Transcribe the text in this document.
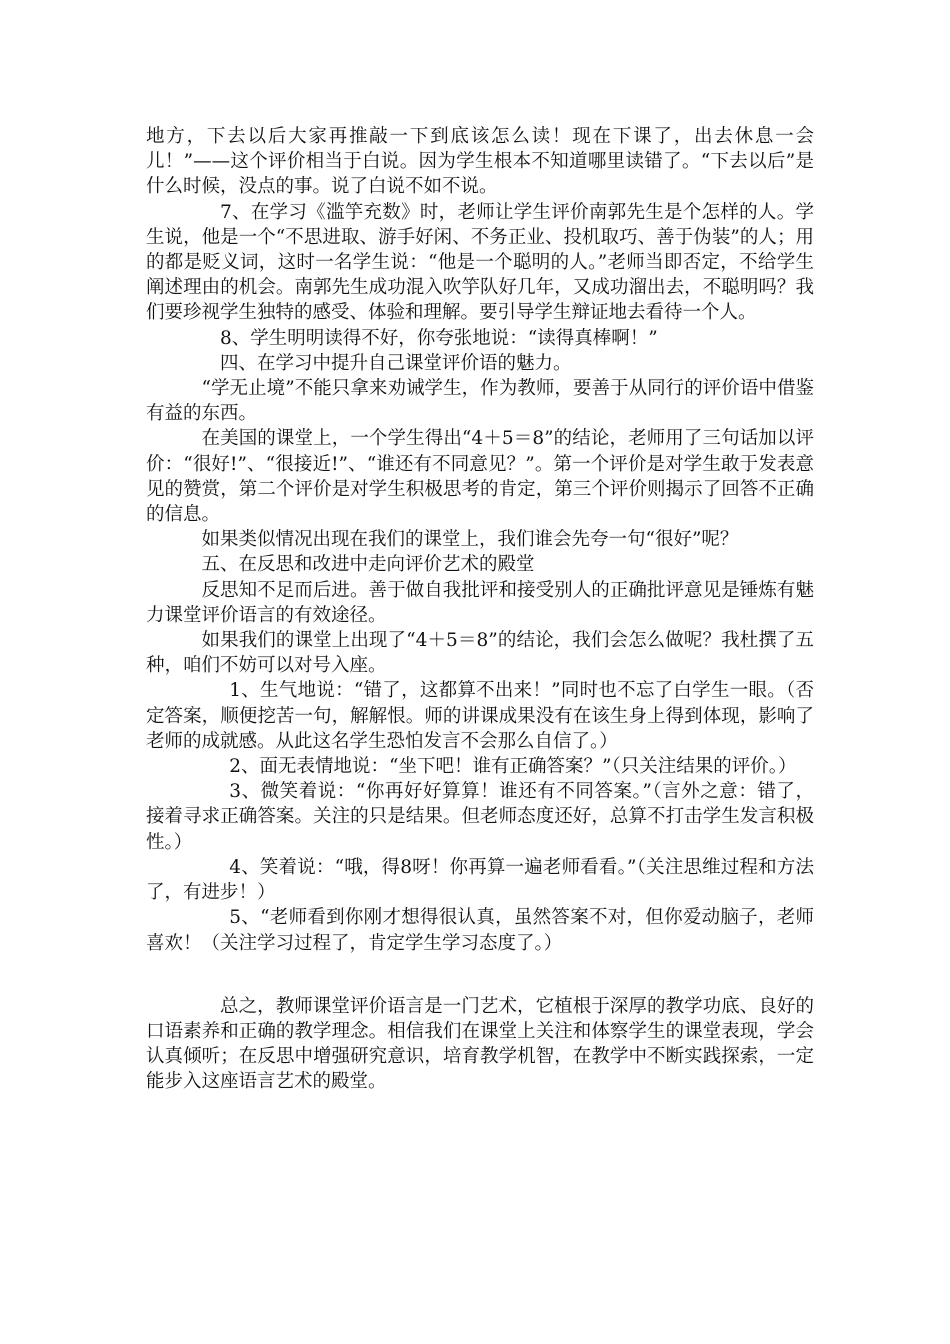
地方，下去以后大家再推敲一下到底该怎么读！现在下课了，出去休息一会儿！”——这个评价相当于白说。因为学生根本不知道哪里读错了。“下去以后”是什么时候，没点的事。说了白说不如不说。

7、在学习《滥竽充数》时，老师让学生评价南郭先生是个怎样的人。学生说，他是一个“不思进取、游手好闲、不务正业、投机取巧、善于伪装”的人；用的都是贬义词，这时一名学生说：“他是一个聪明的人。”老师当即否定，不给学生阐述理由的机会。南郭先生成功混入吹竽队好几年，又成功溜出去，不聪明吗？我们要珍视学生独特的感受、体验和理解。要引导学生辩证地去看待一个人。

8、学生明明读得不好，你夸张地说：“读得真棒啊！”

四、在学习中提升自己课堂评价语的魅力。

“学无止境”不能只拿来劝诫学生，作为教师，要善于从同行的评价语中借鉴有益的东西。

在美国的课堂上，一个学生得出“4＋5＝8”的结论，老师用了三句话加以评价：“很好!”、“很接近!”、“谁还有不同意见？”。第一个评价是对学生敢于发表意见的赞赏，第二个评价是对学生积极思考的肯定，第三个评价则揭示了回答不正确的信息。

如果类似情况出现在我们的课堂上，我们谁会先夸一句“很好”呢？

五、在反思和改进中走向评价艺术的殿堂

反思知不足而后进。善于做自我批评和接受别人的正确批评意见是锤炼有魅力课堂评价语言的有效途径。

如果我们的课堂上出现了“4＋5＝8”的结论，我们会怎么做呢？我杜撰了五种，咱们不妨可以对号入座。

1、生气地说：“错了，这都算不出来！”同时也不忘了白学生一眼。（否定答案，顺便挖苦一句，解解恨。师的讲课成果没有在该生身上得到体现，影响了老师的成就感。从此这名学生恐怕发言不会那么自信了。）

2、面无表情地说：“坐下吧！谁有正确答案？”（只关注结果的评价。）

3、微笑着说：“你再好好算算！谁还有不同答案。”（言外之意：错了，接着寻求正确答案。关注的只是结果。但老师态度还好，总算不打击学生发言积极性。）

4、笑着说：“哦，得8呀！你再算一遍老师看看。”（关注思维过程和方法了，有进步！）

5、“老师看到你刚才想得很认真，虽然答案不对，但你爱动脑子，老师喜欢！（关注学习过程了，肯定学生学习态度了。）

总之，教师课堂评价语言是一门艺术，它植根于深厚的教学功底、良好的口语素养和正确的教学理念。相信我们在课堂上关注和体察学生的课堂表现，学会认真倾听；在反思中增强研究意识，培育教学机智，在教学中不断实践探索，一定能步入这座语言艺术的殿堂。
